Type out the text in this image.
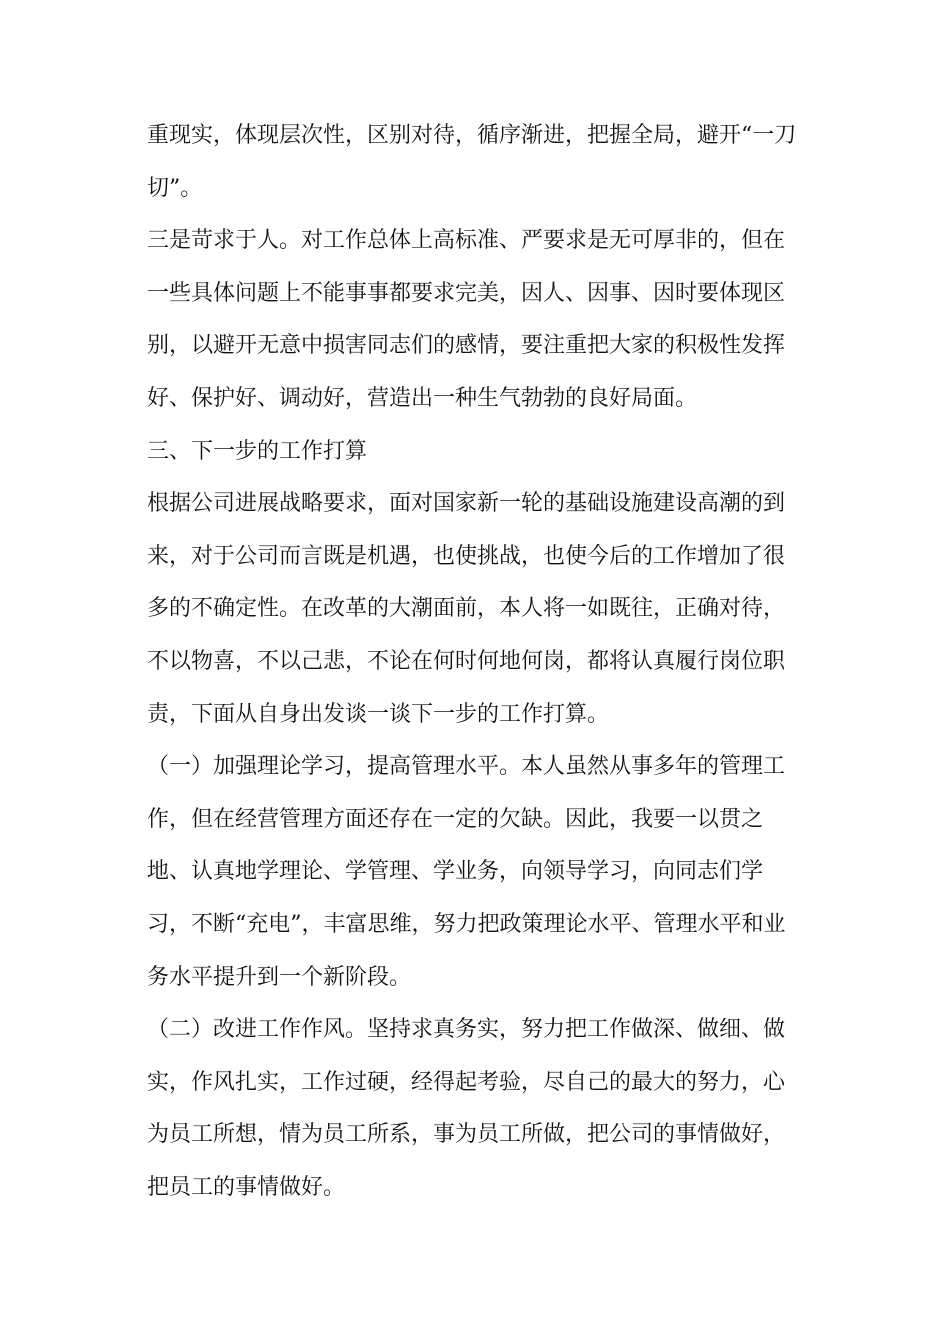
重现实，体现层次性，区别对待，循序渐进，把握全局，避开“一刀
切”。
三是苛求于人。对工作总体上高标准、严要求是无可厚非的，但在
一些具体问题上不能事事都要求完美，因人、因事、因时要体现区
别，以避开无意中损害同志们的感情，要注重把大家的积极性发挥
好、保护好、调动好，营造出一种生气勃勃的良好局面。
三、下一步的工作打算
根据公司进展战略要求，面对国家新一轮的基础设施建设高潮的到
来，对于公司而言既是机遇，也使挑战，也使今后的工作增加了很
多的不确定性。在改革的大潮面前，本人将一如既往，正确对待，
不以物喜，不以己悲，不论在何时何地何岗，都将认真履行岗位职
责，下面从自身出发谈一谈下一步的工作打算。
（一）加强理论学习，提高管理水平。本人虽然从事多年的管理工
作，但在经营管理方面还存在一定的欠缺。因此，我要一以贯之
地、认真地学理论、学管理、学业务，向领导学习，向同志们学
习，不断“充电”，丰富思维，努力把政策理论水平、管理水平和业
务水平提升到一个新阶段。
（二）改进工作作风。坚持求真务实，努力把工作做深、做细、做
实，作风扎实，工作过硬，经得起考验，尽自己的最大的努力，心
为员工所想，情为员工所系，事为员工所做，把公司的事情做好，
把员工的事情做好。
